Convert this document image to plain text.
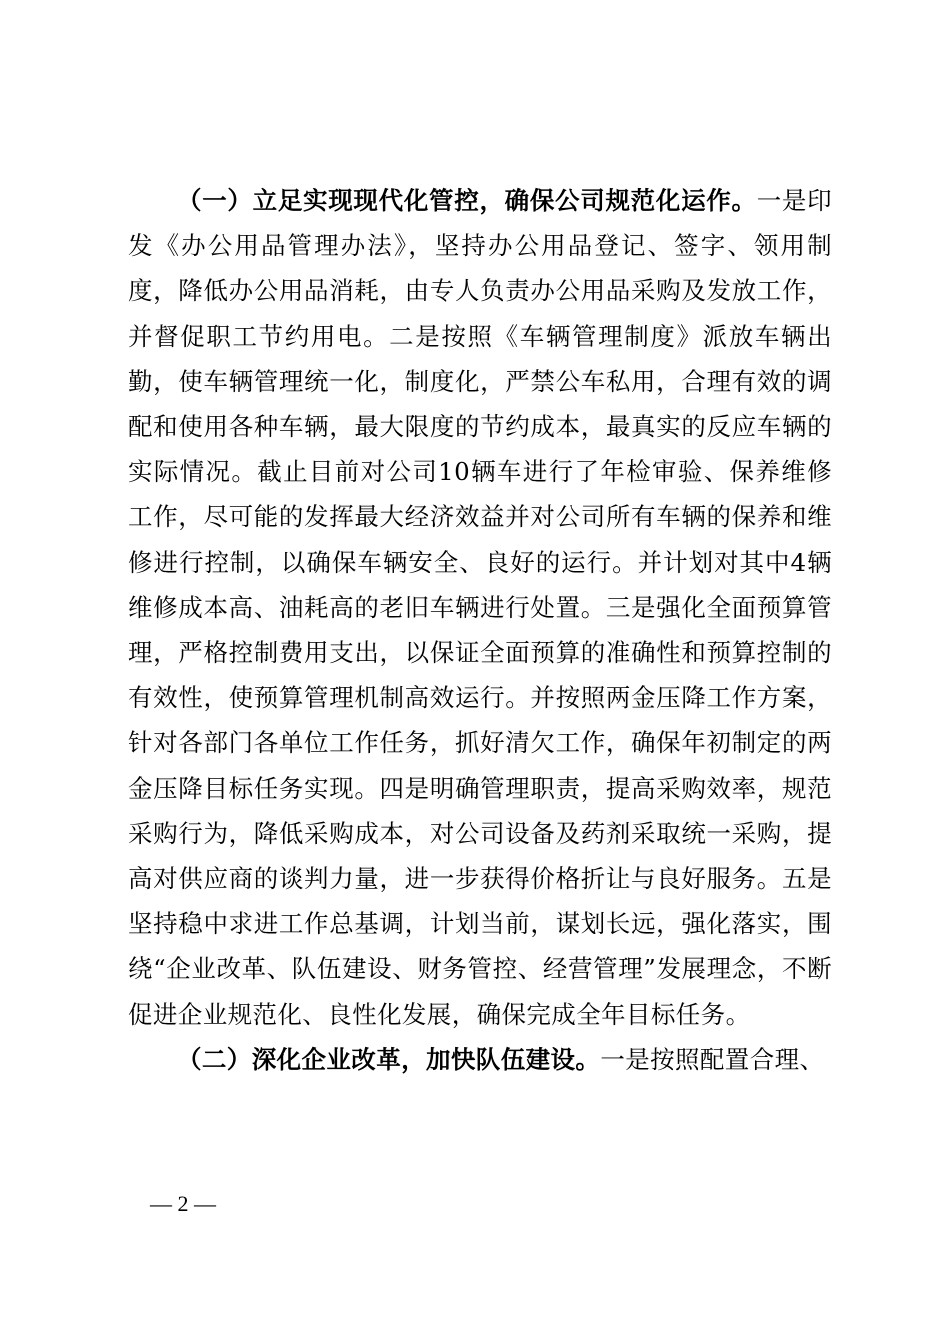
（一）立足实现现代化管控，确保公司规范化运作。一是印发《办公用品管理办法》，坚持办公用品登记、签字、领用制度，降低办公用品消耗，由专人负责办公用品采购及发放工作，并督促职工节约用电。二是按照《车辆管理制度》派放车辆出勤，使车辆管理统一化，制度化，严禁公车私用，合理有效的调配和使用各种车辆，最大限度的节约成本，最真实的反应车辆的实际情况。截止目前对公司10辆车进行了年检审验、保养维修工作，尽可能的发挥最大经济效益并对公司所有车辆的保养和维修进行控制，以确保车辆安全、良好的运行。并计划对其中4辆维修成本高、油耗高的老旧车辆进行处置。三是强化全面预算管理，严格控制费用支出，以保证全面预算的准确性和预算控制的有效性，使预算管理机制高效运行。并按照两金压降工作方案，针对各部门各单位工作任务，抓好清欠工作，确保年初制定的两金压降目标任务实现。四是明确管理职责，提高采购效率，规范采购行为，降低采购成本，对公司设备及药剂采取统一采购，提高对供应商的谈判力量，进一步获得价格折让与良好服务。五是坚持稳中求进工作总基调，计划当前，谋划长远，强化落实，围绕“企业改革、队伍建设、财务管控、经营管理”发展理念，不断促进企业规范化、良性化发展，确保完成全年目标任务。

（二）深化企业改革，加快队伍建设。一是按照配置合理、

— 2 —
